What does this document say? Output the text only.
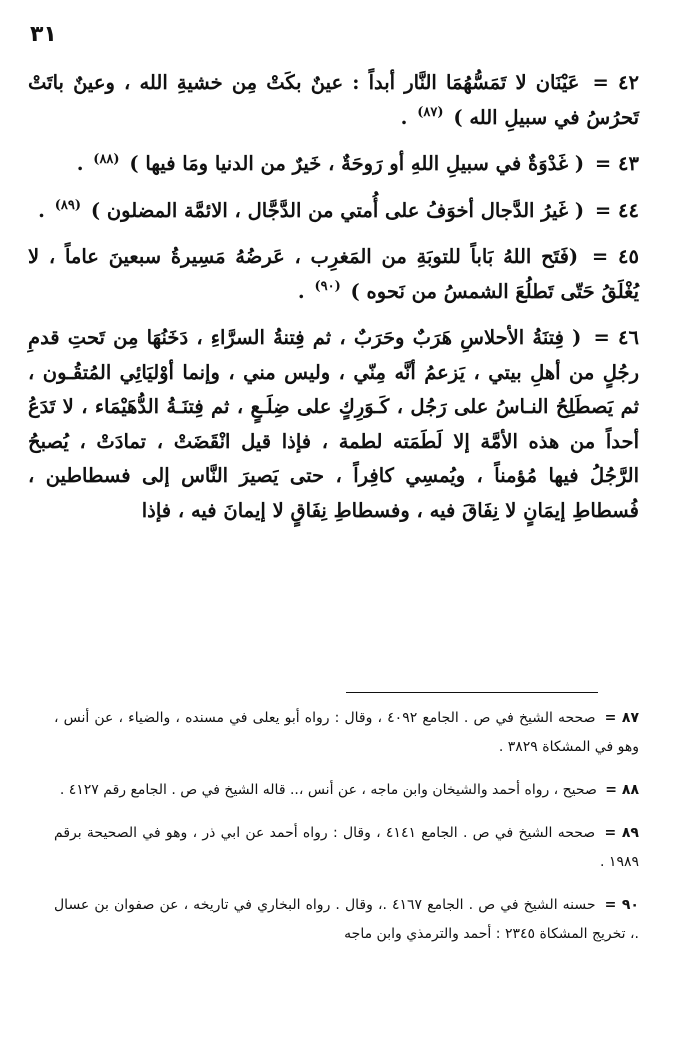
٣١

٤٢ = عَيْنَان لا تَمَسُّهُمَا النَّار أبداً : عينٌ بكَتْ مِن خشيةِ الله ، وعينٌ باتَتْ تَحرُسُ في سبيلِ الله ) $^{(٨٧)}$ .

٤٣ = ( غَدْوَةٌ في سبيلِ اللهِ أو رَوحَةٌ ، خَيرٌ من الدنيا ومَا فيها ) $^{(٨٨)}$ .

٤٤ = ( غَيرُ الدَّجال أخوَفُ على أُمتي من الدَّجَّال ، الائمَّة المضلون ) $^{(٨٩)}$ .

٤٥ = (فَتَح اللهُ بَاباً للتوبَةِ من المَغرِب ، عَرضُهُ مَسِيرةُ سبعينَ عاماً ، لا يُغْلَقُ حَتّى تَطلُعَ الشمسُ من نَحوه ) $^{(٩٠)}$ .

٤٦ = ( فِتنَةُ الأحلاسِ هَرَبٌ وحَرَبٌ ، ثم فِتنةُ السرَّاءِ ، دَخَنُهَا مِن تَحتِ قدمِ رجُلٍ من أهلِ بيتي ، يَزعمُ أنَّه مِنّي ، وليس مني ، وإنما أوْليَائِي المُتقُـون ، ثم يَصطَلِحُ النـاسُ على رَجُل ، كَـوَرِكٍ على ضِلَـعٍ ، ثم فِتنَـةُ الدُّهَيْمَاء ، لا تَدَعُ أحداً من هذه الأمَّة إلا لَطَمَته لطمة ، فإذا قيل انْقَضَتْ ، تمادَتْ ، يُصبحُ الرَّجُلُ فيها مُؤمناً ، ويُمسِي كافِراً ، حتى يَصيرَ النَّاس إلى فسطاطين ، فُسطاطِ إيمَانٍ لا نِفَاقَ فيه ، وفسطاطِ نِفَاقٍ لا إيمانَ فيه ، فإذا

٨٧ = صححه الشيخ في ص . الجامع ٤٠٩٢ ، وقال : رواه أبو يعلى في مسنده ، والضياء ، عن أنس ، وهو في المشكاة ٣٨٢٩ .

٨٨ = صحيح ، رواه أحمد والشيخان وابن ماجه ، عن أنس ،.. قاله الشيخ في ص . الجامع رقم ٤١٢٧ .

٨٩ = صححه الشيخ في ص . الجامع ٤١٤١ ، وقال : رواه أحمد عن ابي ذر ، وهو في الصحيحة برقم ١٩٨٩ .

٩٠ = حسنه الشيخ في ص . الجامع ٤١٦٧ .، وقال . رواه البخاري في تاريخه ، عن صفوان بن عسال .، تخريج المشكاة ٢٣٤٥ : أحمد والترمذي وابن ماجه
